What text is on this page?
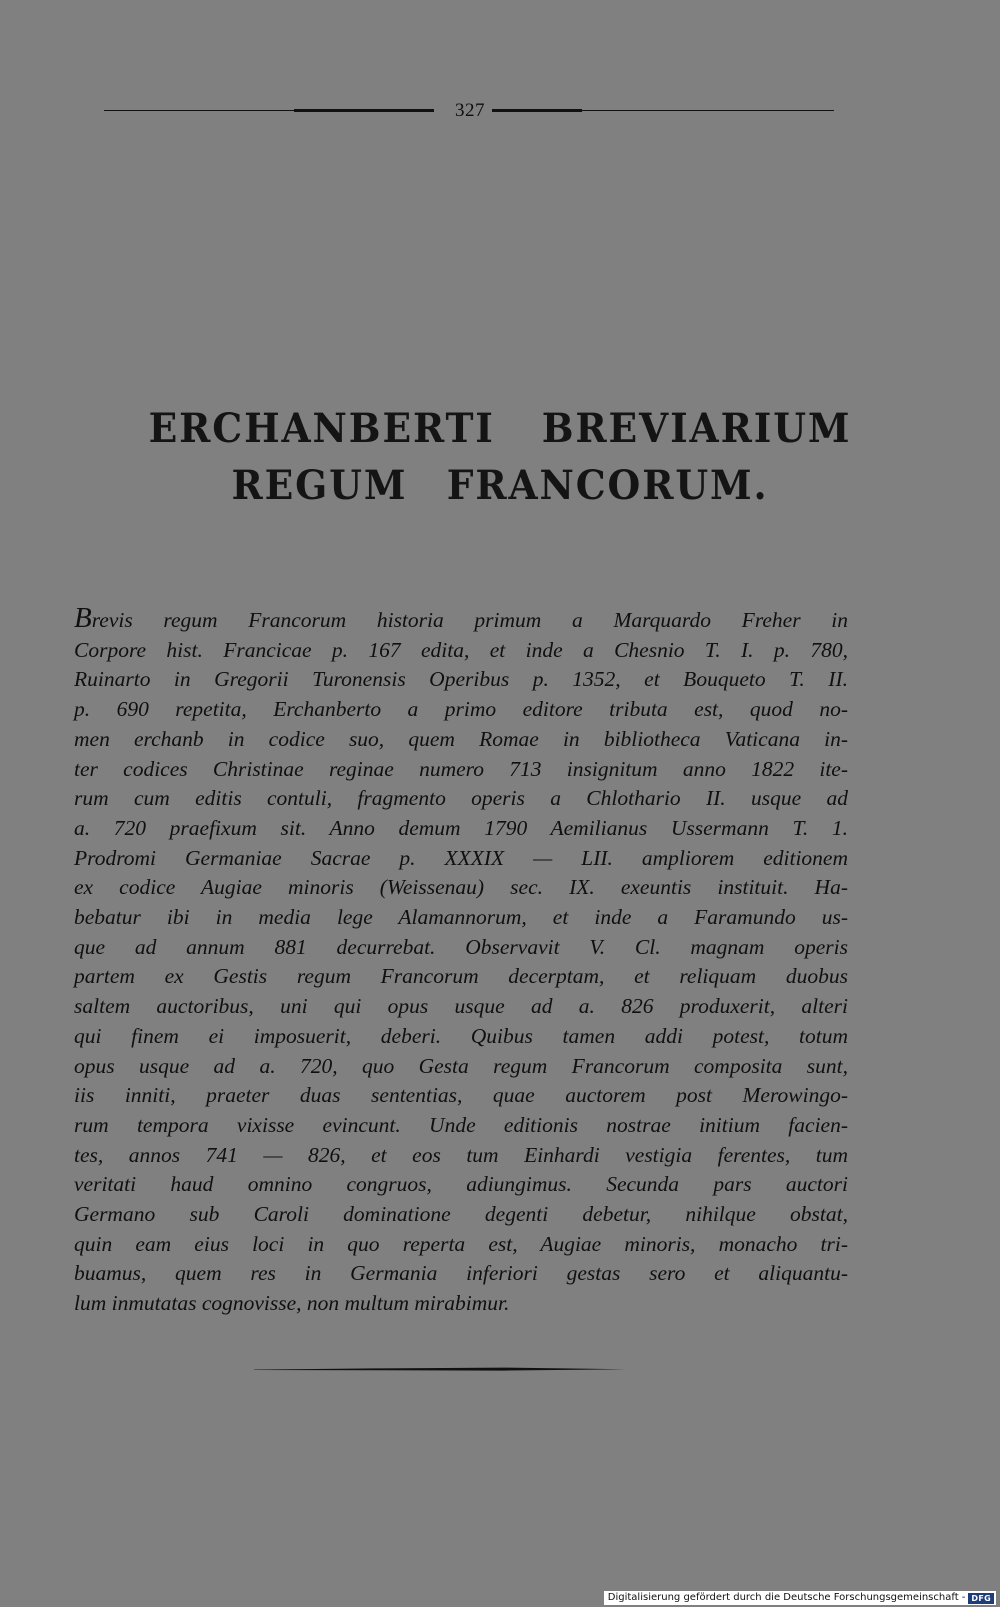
327
ERCHANBERTI BREVIARIUM
REGUM FRANCORUM.
Brevis regum Francorum historia primum a Marquardo Freher in
Corpore hist. Francicae p. 167 edita, et inde a Chesnio T. I. p. 780,
Ruinarto in Gregorii Turonensis Operibus p. 1352, et Bouqueto T. II.
p. 690 repetita, Erchanberto a primo editore tributa est, quod no-
men erchanb in codice suo, quem Romae in bibliotheca Vaticana in-
ter codices Christinae reginae numero 713 insignitum anno 1822 ite-
rum cum editis contuli, fragmento operis a Chlothario II. usque ad
a. 720 praefixum sit. Anno demum 1790 Aemilianus Ussermann T. 1.
Prodromi Germaniae Sacrae p. XXXIX — LII. ampliorem editionem
ex codice Augiae minoris (Weissenau) sec. IX. exeuntis instituit. Ha-
bebatur ibi in media lege Alamannorum, et inde a Faramundo us-
que ad annum 881 decurrebat. Observavit V. Cl. magnam operis
partem ex Gestis regum Francorum decerptam, et reliquam duobus
saltem auctoribus, uni qui opus usque ad a. 826 produxerit, alteri
qui finem ei imposuerit, deberi. Quibus tamen addi potest, totum
opus usque ad a. 720, quo Gesta regum Francorum composita sunt,
iis inniti, praeter duas sententias, quae auctorem post Merowingo-
rum tempora vixisse evincunt. Unde editionis nostrae initium facien-
tes, annos 741 — 826, et eos tum Einhardi vestigia ferentes, tum
veritati haud omnino congruos, adiungimus. Secunda pars auctori
Germano sub Caroli dominatione degenti debetur, nihilque obstat,
quin eam eius loci in quo reperta est, Augiae minoris, monacho tri-
buamus, quem res in Germania inferiori gestas sero et aliquantu-
lum inmutatas cognovisse, non multum mirabimur.
Digitalisierung gefördert durch die Deutsche Forschungsgemeinschaft - DFG
